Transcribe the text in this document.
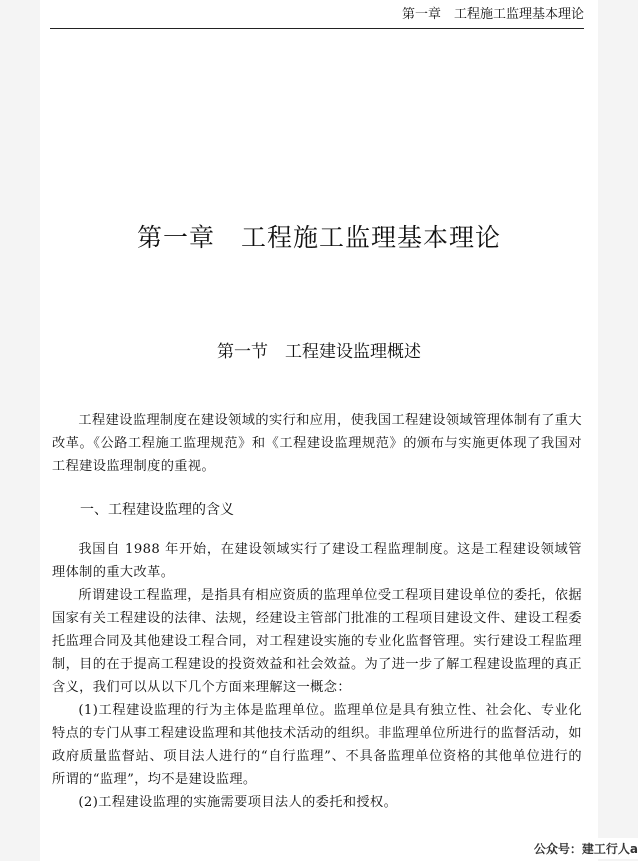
第一章　工程施工监理基本理论
第一章　工程施工监理基本理论
第一节　工程建设监理概述

工程建设监理制度在建设领域的实行和应用，使我国工程建设领域管理体制有了重大改革。《公路工程施工监理规范》和《工程建设监理规范》的颁布与实施更体现了我国对工程建设监理制度的重视。

一、工程建设监理的含义

我国自 1988 年开始，在建设领域实行了建设工程监理制度。这是工程建设领域管理体制的重大改革。

所谓建设工程监理，是指具有相应资质的监理单位受工程项目建设单位的委托，依据国家有关工程建设的法律、法规，经建设主管部门批准的工程项目建设文件、建设工程委托监理合同及其他建设工程合同，对工程建设实施的专业化监督管理。实行建设工程监理制，目的在于提高工程建设的投资效益和社会效益。为了进一步了解工程建设监理的真正含义，我们可以从以下几个方面来理解这一概念：

(1)工程建设监理的行为主体是监理单位。监理单位是具有独立性、社会化、专业化特点的专门从事工程建设监理和其他技术活动的组织。非监理单位所进行的监督活动，如政府质量监督站、项目法人进行的“自行监理”、不具备监理单位资格的其他单位进行的所谓的“监理”，均不是建设监理。

(2)工程建设监理的实施需要项目法人的委托和授权。

公众号：建工行人a
